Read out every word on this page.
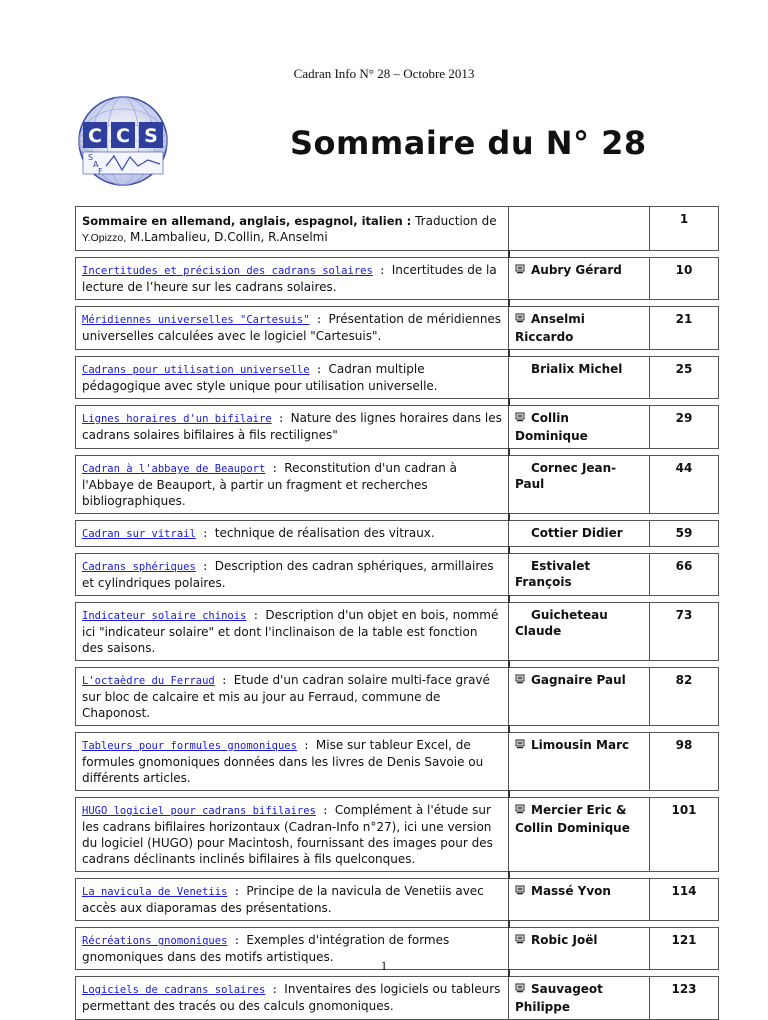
Cadran Info N° 28 – Octobre 2013
C C S
S
A
F
Sommaire du N° 28
Sommaire en allemand, anglais, espagnol, italien : Traduction de Y.Opizzo, M.Lambalieu, D.Collin, R.Anselmi		1

Incertitudes et précision des cadrans solaires : Incertitudes de la lecture de l’heure sur les cadrans solaires.	Aubry Gérard	10

Méridiennes universelles "Cartesuis" : Présentation de méridiennes universelles calculées avec le logiciel "Cartesuis".	Anselmi Riccardo	21

Cadrans pour utilisation universelle : Cadran multiple pédagogique avec style unique pour utilisation universelle.	Brialix Michel	25

Lignes horaires d'un bifilaire : Nature des lignes horaires dans les cadrans solaires bifilaires à fils rectilignes"	Collin Dominique	29

Cadran à l'abbaye de Beauport : Reconstitution d'un cadran à l'Abbaye de Beauport, à partir un fragment et recherches bibliographiques.	Cornec Jean-Paul	44

Cadran sur vitrail : technique de réalisation des vitraux.	Cottier Didier	59

Cadrans sphériques : Description des cadran sphériques, armillaires et cylindriques polaires.	Estivalet François	66

Indicateur solaire chinois : Description d'un objet en bois, nommé ici "indicateur solaire" et dont l'inclinaison de la table est fonction des saisons.	Guicheteau Claude	73

L'octaèdre du Ferraud : Etude d'un cadran solaire multi-face gravé sur bloc de calcaire et mis au jour au Ferraud, commune de Chaponost.	Gagnaire Paul	82

Tableurs pour formules gnomoniques : Mise sur tableur Excel, de formules gnomoniques données dans les livres de Denis Savoie ou différents articles.	Limousin Marc	98

HUGO logiciel pour cadrans bifilaires : Complément à l'étude sur les cadrans bifilaires horizontaux (Cadran-Info n°27), ici une version du logiciel (HUGO) pour Macintosh, fournissant des images pour des cadrans déclinants inclinés bifilaires à fils quelconques.	Mercier Eric & Collin Dominique	101

La navicula de Venetiis : Principe de la navicula de Venetiis avec accès aux diaporamas des présentations.	Massé Yvon	114

Récréations gnomoniques : Exemples d'intégration de formes gnomoniques dans des motifs artistiques.	Robic Joël	121

Logiciels de cadrans solaires : Inventaires des logiciels ou tableurs permettant des tracés ou des calculs gnomoniques.	Sauvageot Philippe	123
1
